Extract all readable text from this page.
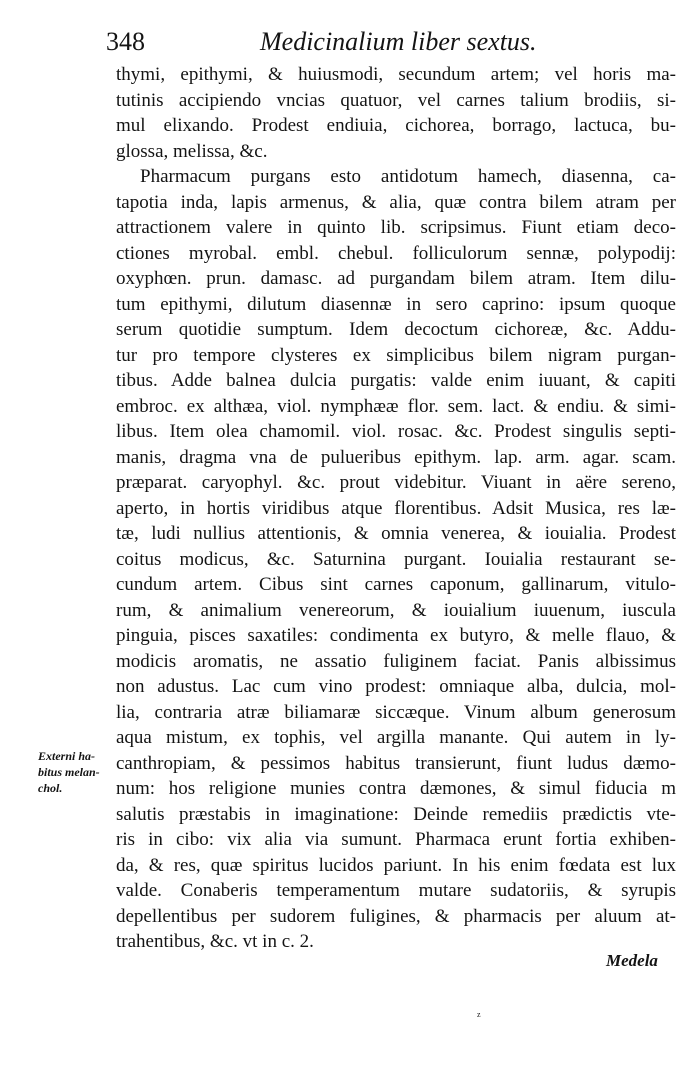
348	Medicinalium liber sextus.
thymi, epithymi, & huiusmodi, secundum artem; vel horis ma-
tutinis accipiendo vncias quatuor, vel carnes talium brodiis, si-
mul elixando. Prodest endiuia, cichorea, borrago, lactuca, bu-
glossa, melissa, &c.
Pharmacum purgans esto antidotum hamech, diasenna, ca-
tapotia inda, lapis armenus, & alia, quæ contra bilem atram per
attractionem valere in quinto lib. scripsimus. Fiunt etiam deco-
ctiones myrobal. embl. chebul. folliculorum sennæ, polypodij:
oxyphœn. prun. damasc. ad purgandam bilem atram. Item dilu-
tum epithymi, dilutum diasennæ in sero caprino: ipsum quoque
serum quotidie sumptum. Idem decoctum cichoreæ, &c. Addu-
tur pro tempore clysteres ex simplicibus bilem nigram purgan-
tibus. Adde balnea dulcia purgatis: valde enim iuuant, & capiti
embroc. ex althæa, viol. nymphææ flor. sem. lact. & endiu. & simi-
libus. Item olea chamomil. viol. rosac. &c. Prodest singulis septi-
manis, dragma vna de pulueribus epithym. lap. arm. agar. scam.
præparat. caryophyl. &c. prout videbitur. Viuant in aëre sereno,
aperto, in hortis viridibus atque florentibus. Adsit Musica, res læ-
tæ, ludi nullius attentionis, & omnia venerea, & iouialia. Prodest
coitus modicus, &c. Saturnina purgant. Iouialia restaurant se-
cundum artem. Cibus sint carnes caponum, gallinarum, vitulo-
rum, & animalium venereorum, & iouialium iuuenum, iuscula
pinguia, pisces saxatiles: condimenta ex butyro, & melle flauo, &
modicis aromatis, ne assatio fuliginem faciat. Panis albissimus
non adustus. Lac cum vino prodest: omniaque alba, dulcia, mol-
lia, contraria atræ biliamaræ siccæque. Vinum album generosum
aqua mistum, ex tophis, vel argilla manante. Qui autem in ly-
canthropiam, & pessimos habitus transierunt, fiunt ludus dæmo-
num: hos religione munies contra dæmones, & simul fiducia m
salutis præstabis in imaginatione: Deinde remediis prædictis vte-
ris in cibo: vix alia via sumunt. Pharmaca erunt fortia exhiben-
da, & res, quæ spiritus lucidos pariunt. In his enim fœdata est lux
valde. Conaberis temperamentum mutare sudatoriis, & syrupis
depellentibus per sudorem fuligines, & pharmacis per aluum at-
trahentibus, &c. vt in c. 2.
Externi ha-
bitus melan-
chol.
Medela
z
